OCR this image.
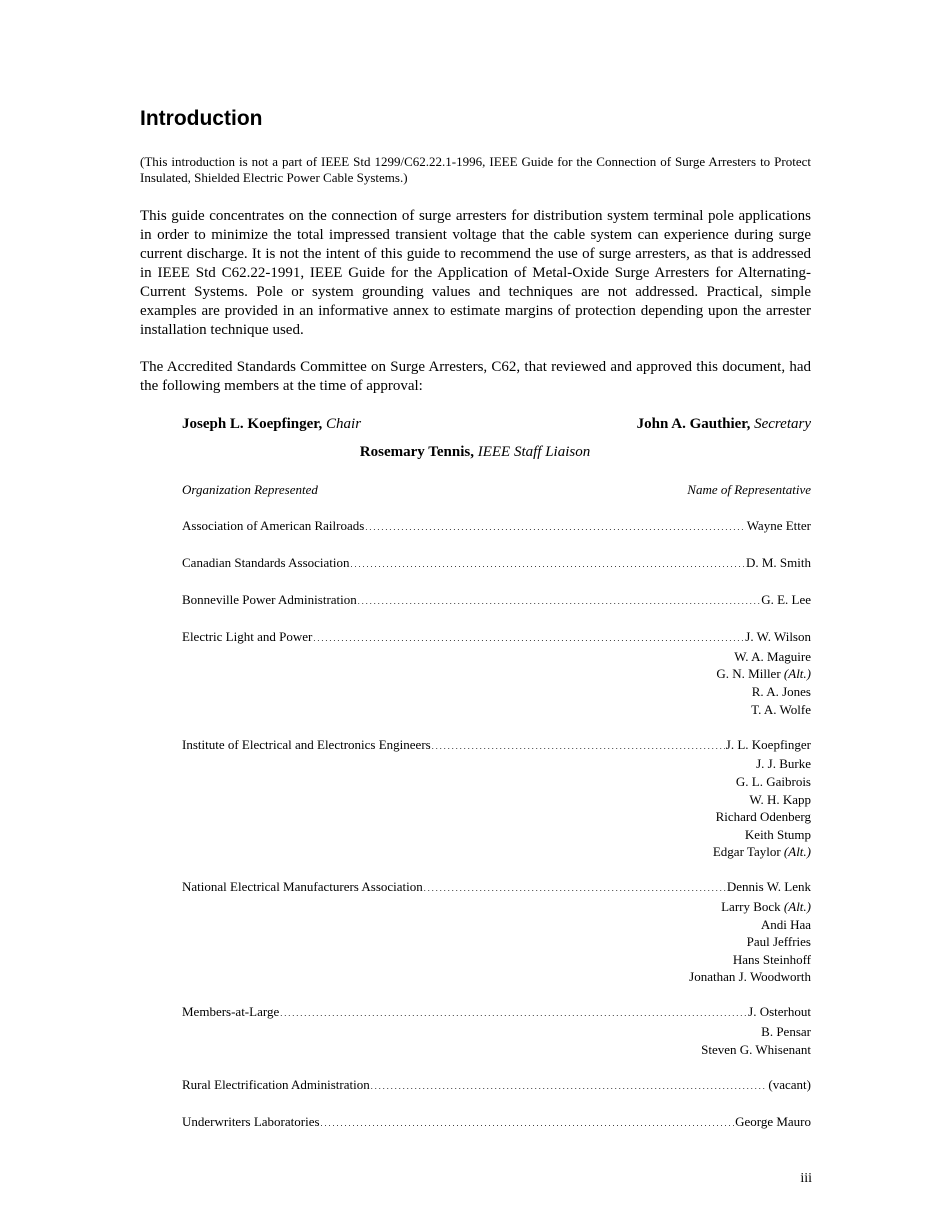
Introduction

(This introduction is not a part of IEEE Std 1299/C62.22.1-1996, IEEE Guide for the Connection of Surge Arresters to Protect Insulated, Shielded Electric Power Cable Systems.)

This guide concentrates on the connection of surge arresters for distribution system terminal pole applications in order to minimize the total impressed transient voltage that the cable system can experience during surge current discharge. It is not the intent of this guide to recommend the use of surge arresters, as that is addressed in IEEE Std C62.22-1991, IEEE Guide for the Application of Metal-Oxide Surge Arresters for Alternating-Current Systems. Pole or system grounding values and techniques are not addressed. Practical, simple examples are provided in an informative annex to estimate margins of protection depending upon the arrester installation technique used.

The Accredited Standards Committee on Surge Arresters, C62, that reviewed and approved this document, had the following members at the time of approval:

Joseph L. Koepfinger, Chair	John A. Gauthier, Secretary
Rosemary Tennis, IEEE Staff Liaison
Organization Represented	Name of Representative
Association of American Railroads . . .	Wayne Etter
Canadian Standards Association . . .	D. M. Smith
Bonneville Power Administration . . .	G. E. Lee
Electric Light and Power . . .	J. W. Wilson
W. A. Maguire
G. N. Miller (Alt.)
R. A. Jones
T. A. Wolfe
Institute of Electrical and Electronics Engineers . . .	J. L. Koepfinger
J. J. Burke
G. L. Gaibrois
W. H. Kapp
Richard Odenberg
Keith Stump
Edgar Taylor (Alt.)
National Electrical Manufacturers Association . . .	Dennis W. Lenk
Larry Bock (Alt.)
Andi Haa
Paul Jeffries
Hans Steinhoff
Jonathan J. Woodworth
Members-at-Large . . .	J. Osterhout
B. Pensar
Steven G. Whisenant
Rural Electrification Administration . . .	(vacant)
Underwriters Laboratories . . .	George Mauro
iii
